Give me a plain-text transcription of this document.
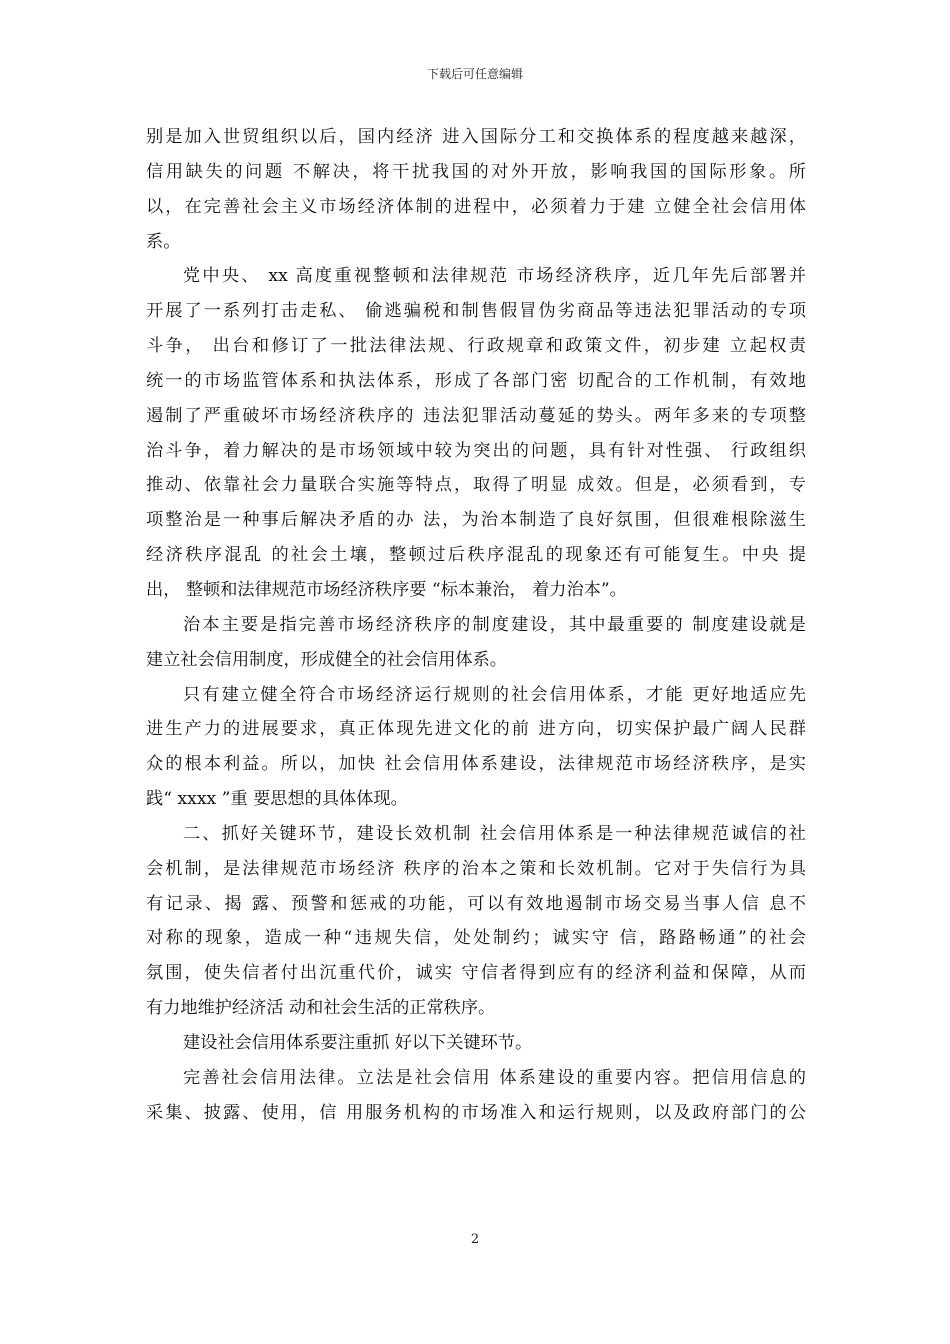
下载后可任意编辑
别是加入世贸组织以后，国内经济 进入国际分工和交换体系的程度越来越深，
信用缺失的问题 不解决，将干扰我国的对外开放，影响我国的国际形象。所
以，在完善社会主义市场经济体制的进程中，必须着力于建 立健全社会信用体
系。
党中央、 xx 高度重视整顿和法律规范 市场经济秩序，近几年先后部署并
开展了一系列打击走私、 偷逃骗税和制售假冒伪劣商品等违法犯罪活动的专项
斗争， 出台和修订了一批法律法规、行政规章和政策文件，初步建 立起权责
统一的市场监管体系和执法体系，形成了各部门密 切配合的工作机制，有效地
遏制了严重破坏市场经济秩序的 违法犯罪活动蔓延的势头。两年多来的专项整
治斗争，着力解决的是市场领域中较为突出的问题，具有针对性强、 行政组织
推动、依靠社会力量联合实施等特点，取得了明显 成效。但是，必须看到，专
项整治是一种事后解决矛盾的办 法，为治本制造了良好氛围，但很难根除滋生
经济秩序混乱 的社会土壤，整顿过后秩序混乱的现象还有可能复生。中央 提
出， 整顿和法律规范市场经济秩序要 “标本兼治， 着力治本”。
治本主要是指完善市场经济秩序的制度建设，其中最重要的 制度建设就是
建立社会信用制度，形成健全的社会信用体系。
只有建立健全符合市场经济运行规则的社会信用体系，才能 更好地适应先
进生产力的进展要求，真正体现先进文化的前 进方向，切实保护最广阔人民群
众的根本利益。所以，加快 社会信用体系建设，法律规范市场经济秩序，是实
践“ xxxx ”重 要思想的具体体现。
二、抓好关键环节，建设长效机制 社会信用体系是一种法律规范诚信的社
会机制，是法律规范市场经济 秩序的治本之策和长效机制。它对于失信行为具
有记录、揭 露、预警和惩戒的功能，可以有效地遏制市场交易当事人信 息不
对称的现象，造成一种“违规失信，处处制约；诚实守 信，路路畅通”的社会
氛围，使失信者付出沉重代价，诚实 守信者得到应有的经济利益和保障，从而
有力地维护经济活 动和社会生活的正常秩序。
建设社会信用体系要注重抓 好以下关键环节。
完善社会信用法律。立法是社会信用 体系建设的重要内容。把信用信息的
采集、披露、使用，信 用服务机构的市场准入和运行规则，以及政府部门的公
2
